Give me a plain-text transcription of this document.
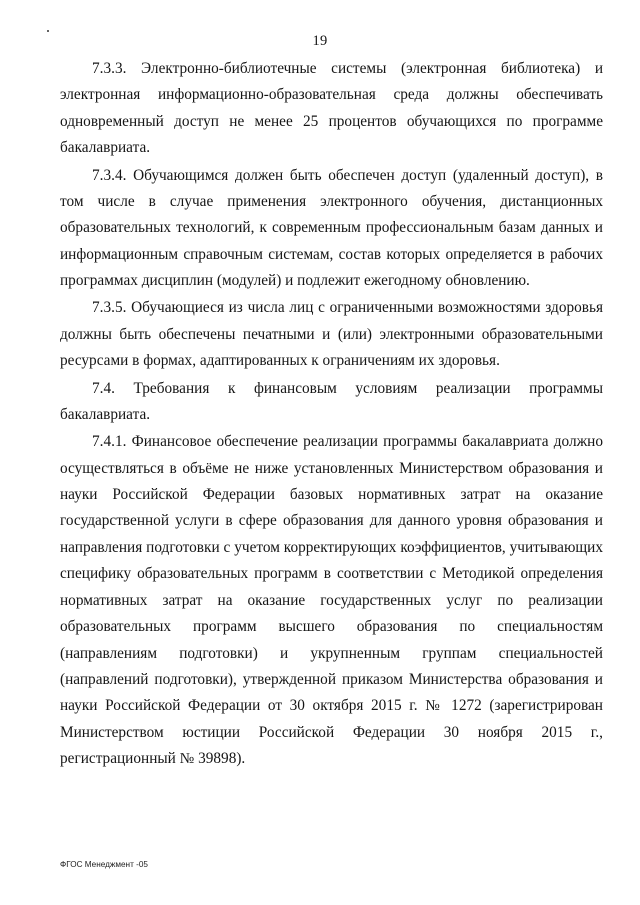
19

7.3.3. Электронно-библиотечные системы (электронная библиотека) и электронная информационно-образовательная среда должны обеспечивать одновременный доступ не менее 25 процентов обучающихся по программе бакалавриата.

7.3.4. Обучающимся должен быть обеспечен доступ (удаленный доступ), в том числе в случае применения электронного обучения, дистанционных образовательных технологий, к современным профессиональным базам данных и информационным справочным системам, состав которых определяется в рабочих программах дисциплин (модулей) и подлежит ежегодному обновлению.

7.3.5. Обучающиеся из числа лиц с ограниченными возможностями здоровья должны быть обеспечены печатными и (или) электронными образовательными ресурсами в формах, адаптированных к ограничениям их здоровья.

7.4. Требования к финансовым условиям реализации программы бакалавриата.

7.4.1. Финансовое обеспечение реализации программы бакалавриата должно осуществляться в объёме не ниже установленных Министерством образования и науки Российской Федерации базовых нормативных затрат на оказание государственной услуги в сфере образования для данного уровня образования и направления подготовки с учетом корректирующих коэффициентов, учитывающих специфику образовательных программ в соответствии с Методикой определения нормативных затрат на оказание государственных услуг по реализации образовательных программ высшего образования по специальностям (направлениям подготовки) и укрупненным группам специальностей (направлений подготовки), утвержденной приказом Министерства образования и науки Российской Федерации от 30 октября 2015 г. № 1272 (зарегистрирован Министерством юстиции Российской Федерации 30 ноября 2015 г., регистрационный № 39898).

ФГОС Менеджмент -05
